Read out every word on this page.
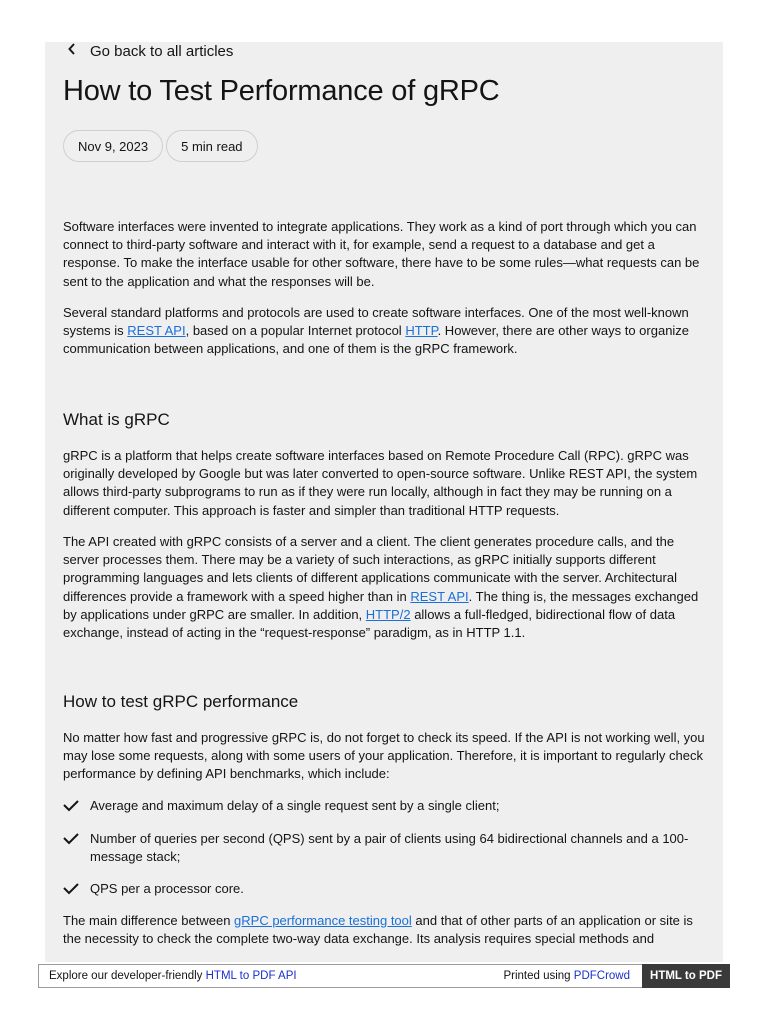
Go back to all articles
How to Test Performance of gRPC
Nov 9, 2023	5 min read

Software interfaces were invented to integrate applications. They work as a kind of port through which you can connect to third-party software and interact with it, for example, send a request to a database and get a response. To make the interface usable for other software, there have to be some rules—what requests can be sent to the application and what the responses will be.

Several standard platforms and protocols are used to create software interfaces. One of the most well-known systems is REST API, based on a popular Internet protocol HTTP. However, there are other ways to organize communication between applications, and one of them is the gRPC framework.

What is gRPC

gRPC is a platform that helps create software interfaces based on Remote Procedure Call (RPC). gRPC was originally developed by Google but was later converted to open-source software. Unlike REST API, the system allows third-party subprograms to run as if they were run locally, although in fact they may be running on a different computer. This approach is faster and simpler than traditional HTTP requests.

The API created with gRPC consists of a server and a client. The client generates procedure calls, and the server processes them. There may be a variety of such interactions, as gRPC initially supports different programming languages and lets clients of different applications communicate with the server. Architectural differences provide a framework with a speed higher than in REST API. The thing is, the messages exchanged by applications under gRPC are smaller. In addition, HTTP/2 allows a full-fledged, bidirectional flow of data exchange, instead of acting in the “request-response” paradigm, as in HTTP 1.1.

How to test gRPC performance

No matter how fast and progressive gRPC is, do not forget to check its speed. If the API is not working well, you may lose some requests, along with some users of your application. Therefore, it is important to regularly check performance by defining API benchmarks, which include:

Average and maximum delay of a single request sent by a single client;

Number of queries per second (QPS) sent by a pair of clients using 64 bidirectional channels and a 100-message stack;

QPS per a processor core.

The main difference between gRPC performance testing tool and that of other parts of an application or site is the necessity to check the complete two-way data exchange. Its analysis requires special methods and

Explore our developer-friendly HTML to PDF API	Printed using PDFCrowd	HTML to PDF
